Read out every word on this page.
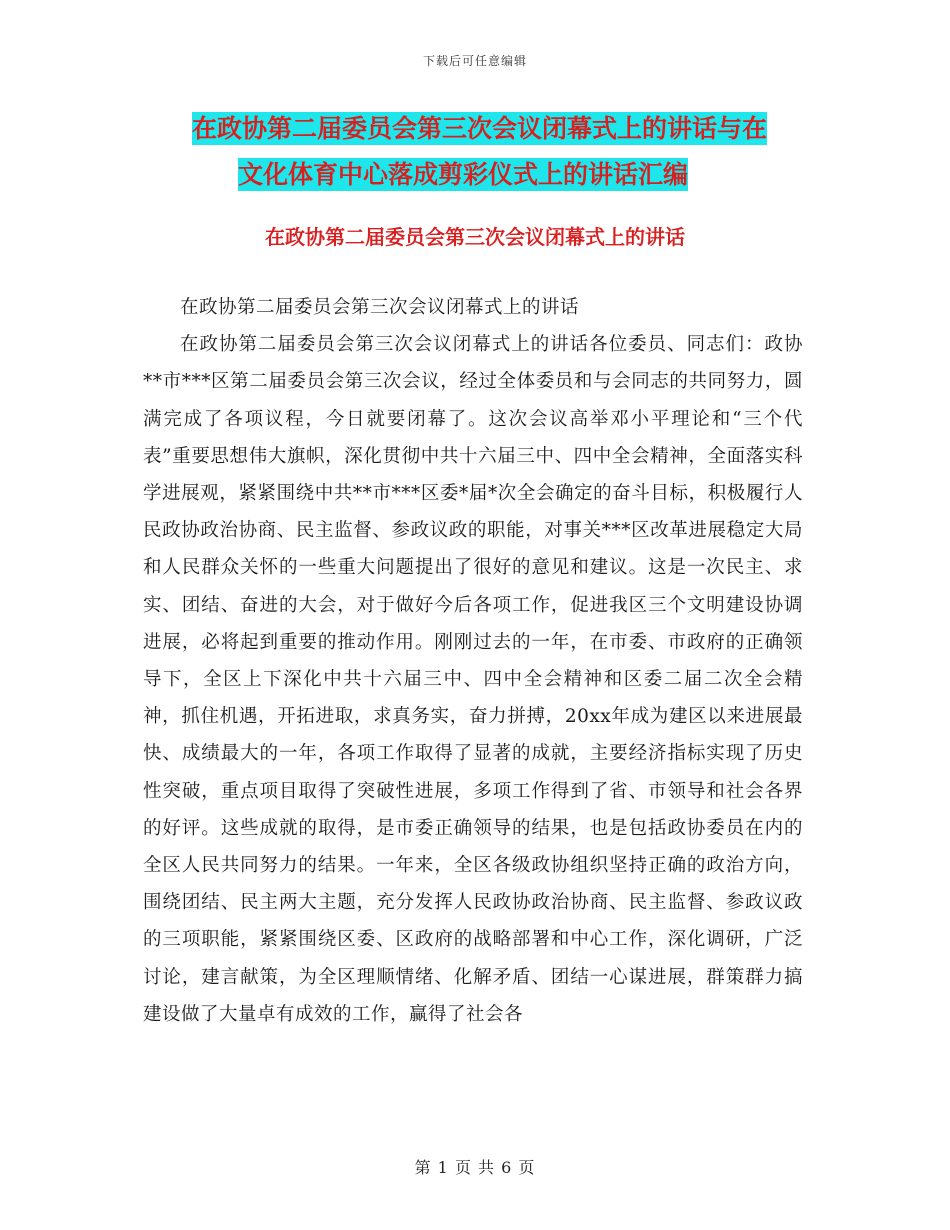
下载后可任意编辑
在政协第二届委员会第三次会议闭幕式上的讲话与在
文化体育中心落成剪彩仪式上的讲话汇编
在政协第二届委员会第三次会议闭幕式上的讲话

在政协第二届委员会第三次会议闭幕式上的讲话

在政协第二届委员会第三次会议闭幕式上的讲话各位委员、同志们：政协**市***区第二届委员会第三次会议，经过全体委员和与会同志的共同努力，圆满完成了各项议程，今日就要闭幕了。这次会议高举邓小平理论和“三个代表”重要思想伟大旗帜，深化贯彻中共十六届三中、四中全会精神，全面落实科学进展观，紧紧围绕中共**市***区委*届*次全会确定的奋斗目标，积极履行人民政协政治协商、民主监督、参政议政的职能，对事关***区改革进展稳定大局和人民群众关怀的一些重大问题提出了很好的意见和建议。这是一次民主、求实、团结、奋进的大会，对于做好今后各项工作，促进我区三个文明建设协调进展，必将起到重要的推动作用。刚刚过去的一年，在市委、市政府的正确领导下，全区上下深化中共十六届三中、四中全会精神和区委二届二次全会精神，抓住机遇，开拓进取，求真务实，奋力拼搏，20xx年成为建区以来进展最快、成绩最大的一年，各项工作取得了显著的成就，主要经济指标实现了历史性突破，重点项目取得了突破性进展，多项工作得到了省、市领导和社会各界的好评。这些成就的取得，是市委正确领导的结果，也是包括政协委员在内的全区人民共同努力的结果。一年来，全区各级政协组织坚持正确的政治方向，围绕团结、民主两大主题，充分发挥人民政协政治协商、民主监督、参政议政的三项职能，紧紧围绕区委、区政府的战略部署和中心工作，深化调研，广泛讨论，建言献策，为全区理顺情绪、化解矛盾、团结一心谋进展，群策群力搞建设做了大量卓有成效的工作，赢得了社会各

第 1 页 共 6 页
